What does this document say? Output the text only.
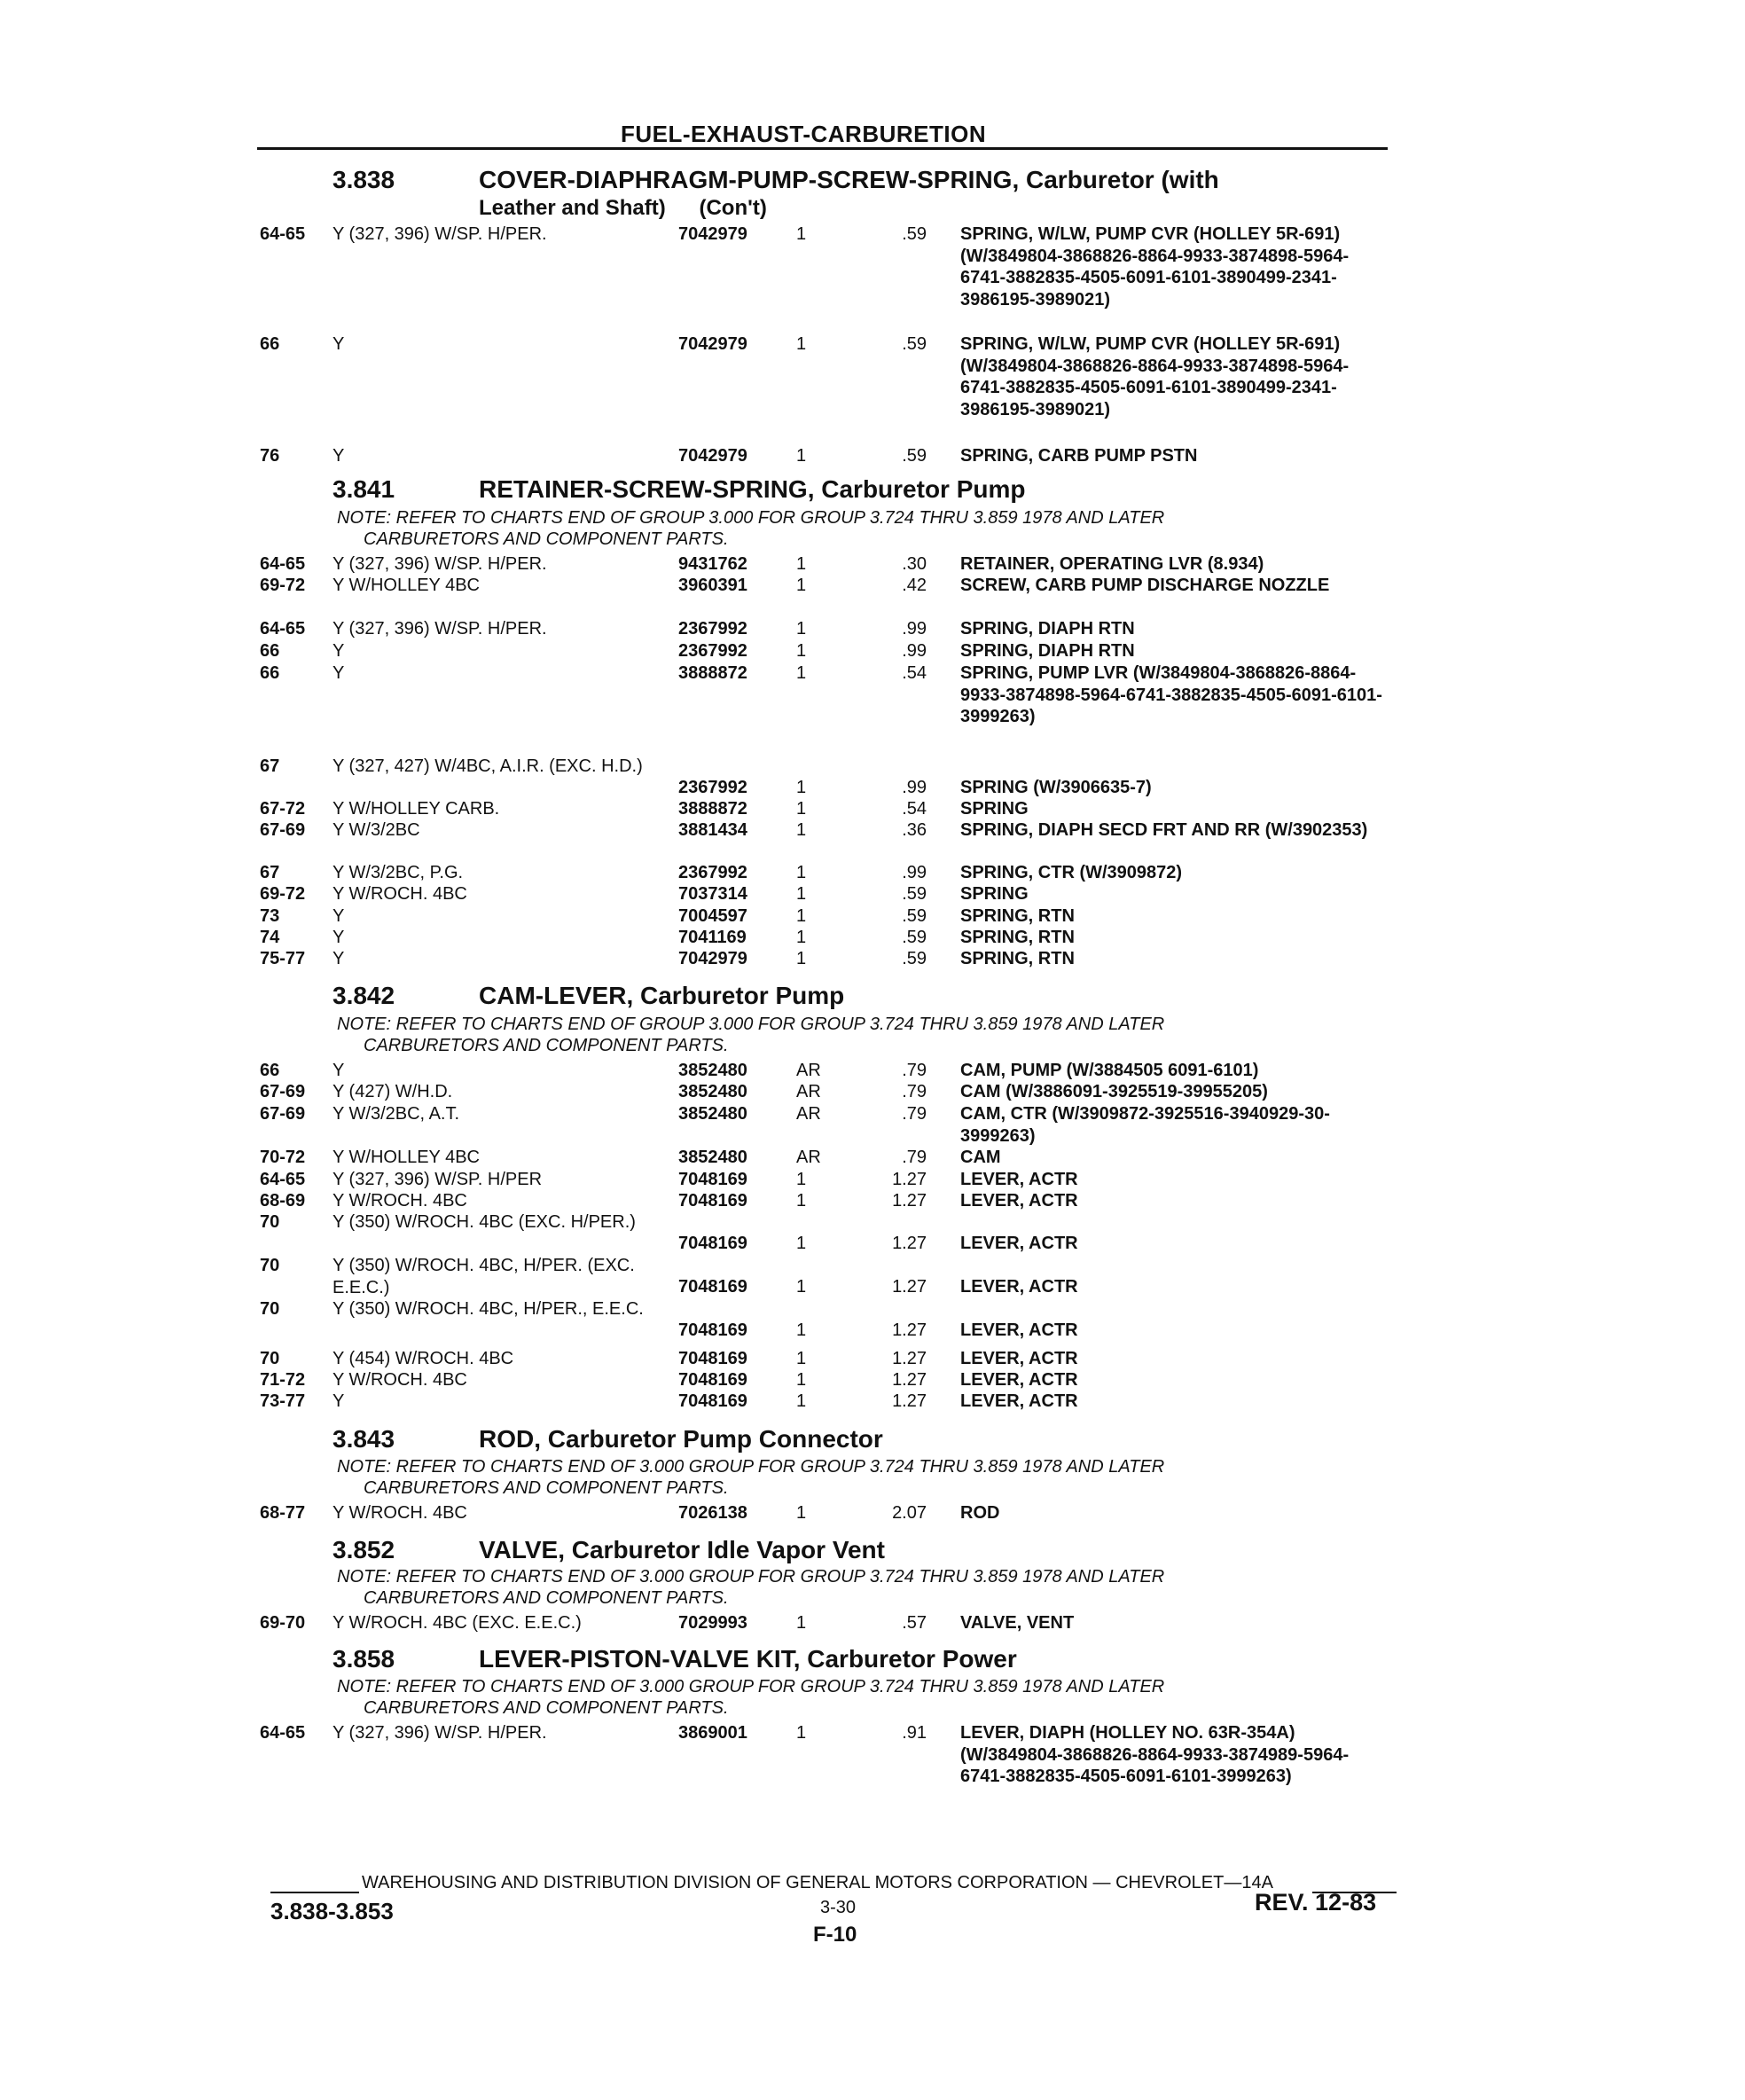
FUEL-EXHAUST-CARBURETION
3.838	COVER-DIAPHRAGM-PUMP-SCREW-SPRING, Carburetor (with
Leather and Shaft) (Con't)
64-65	Y (327, 396) W/SP. H/PER.	7042979	1	.59 SPRING, W/LW, PUMP CVR (HOLLEY 5R-691) (W/3849804-3868826-8864-9933-3874898-5964-6741-3882835-4505-6091-6101-3890499-2341-3986195-3989021)
66	Y	7042979	1	.59 SPRING, W/LW, PUMP CVR (HOLLEY 5R-691) (W/3849804-3868826-8864-9933-3874898-5964-6741-3882835-4505-6091-6101-3890499-2341-3986195-3989021)
76	Y	7042979	1	.59 SPRING, CARB PUMP PSTN
3.841	RETAINER-SCREW-SPRING, Carburetor Pump
NOTE: REFER TO CHARTS END OF GROUP 3.000 FOR GROUP 3.724 THRU 3.859 1978 AND LATER
CARBURETORS AND COMPONENT PARTS.
64-65	Y (327, 396) W/SP. H/PER.	9431762	1	.30 RETAINER, OPERATING LVR (8.934)
69-72	Y W/HOLLEY 4BC	3960391	1	.42 SCREW, CARB PUMP DISCHARGE NOZZLE
64-65	Y (327, 396) W/SP. H/PER.	2367992	1	.99 SPRING, DIAPH RTN
66	Y	2367992	1	.99 SPRING, DIAPH RTN
66	Y	3888872	1	.54 SPRING, PUMP LVR (W/3849804-3868826-8864-9933-3874898-5964-6741-3882835-4505-6091-6101-3999263)
67	Y (327, 427) W/4BC, A.I.R. (EXC. H.D.)
2367992	1	.99 SPRING (W/3906635-7)
67-72	Y W/HOLLEY CARB.	3888872	1	.54 SPRING
67-69	Y W/3/2BC	3881434	1	.36 SPRING, DIAPH SECD FRT AND RR (W/3902353)
67	Y W/3/2BC, P.G.	2367992	1	.99 SPRING, CTR (W/3909872)
69-72	Y W/ROCH. 4BC	7037314	1	.59 SPRING
73	Y	7004597	1	.59 SPRING, RTN
74	Y	7041169	1	.59 SPRING, RTN
75-77	Y	7042979	1	.59 SPRING, RTN
3.842	CAM-LEVER, Carburetor Pump
NOTE: REFER TO CHARTS END OF GROUP 3.000 FOR GROUP 3.724 THRU 3.859 1978 AND LATER
CARBURETORS AND COMPONENT PARTS.
66	Y	3852480	AR	.79 CAM, PUMP (W/3884505 6091-6101)
67-69	Y (427) W/H.D.	3852480	AR	.79 CAM (W/3886091-3925519-39955205)
67-69	Y W/3/2BC, A.T.	3852480	AR	.79 CAM, CTR (W/3909872-3925516-3940929-30-3999263)
70-72	Y W/HOLLEY 4BC	3852480	AR	.79 CAM
64-65	Y (327, 396) W/SP. H/PER	7048169	1	1.27 LEVER, ACTR
68-69	Y W/ROCH. 4BC	7048169	1	1.27 LEVER, ACTR
70	Y (350) W/ROCH. 4BC (EXC. H/PER.)
7048169	1	1.27 LEVER, ACTR
70	Y (350) W/ROCH. 4BC, H/PER. (EXC. E.E.C.)	7048169	1	1.27 LEVER, ACTR
70	Y (350) W/ROCH. 4BC, H/PER., E.E.C.
7048169	1	1.27 LEVER, ACTR
70	Y (454) W/ROCH. 4BC	7048169	1	1.27 LEVER, ACTR
71-72	Y W/ROCH. 4BC	7048169	1	1.27 LEVER, ACTR
73-77	Y	7048169	1	1.27 LEVER, ACTR
3.843	ROD, Carburetor Pump Connector
NOTE: REFER TO CHARTS END OF 3.000 GROUP FOR GROUP 3.724 THRU 3.859 1978 AND LATER
CARBURETORS AND COMPONENT PARTS.
68-77	Y W/ROCH. 4BC	7026138	1	2.07 ROD
3.852	VALVE, Carburetor Idle Vapor Vent
NOTE: REFER TO CHARTS END OF 3.000 GROUP FOR GROUP 3.724 THRU 3.859 1978 AND LATER
CARBURETORS AND COMPONENT PARTS.
69-70	Y W/ROCH. 4BC (EXC. E.E.C.)	7029993	1	.57 VALVE, VENT
3.858	LEVER-PISTON-VALVE KIT, Carburetor Power
NOTE: REFER TO CHARTS END OF 3.000 GROUP FOR GROUP 3.724 THRU 3.859 1978 AND LATER
CARBURETORS AND COMPONENT PARTS.
64-65	Y (327, 396) W/SP. H/PER.	3869001	1	.91 LEVER, DIAPH (HOLLEY NO. 63R-354A) (W/3849804-3868826-8864-9933-3874989-5964-6741-3882835-4505-6091-6101-3999263)
WAREHOUSING AND DISTRIBUTION DIVISION OF GENERAL MOTORS CORPORATION — CHEVROLET—14A
3.838-3.853	3-30	REV. 12-83
F-10
